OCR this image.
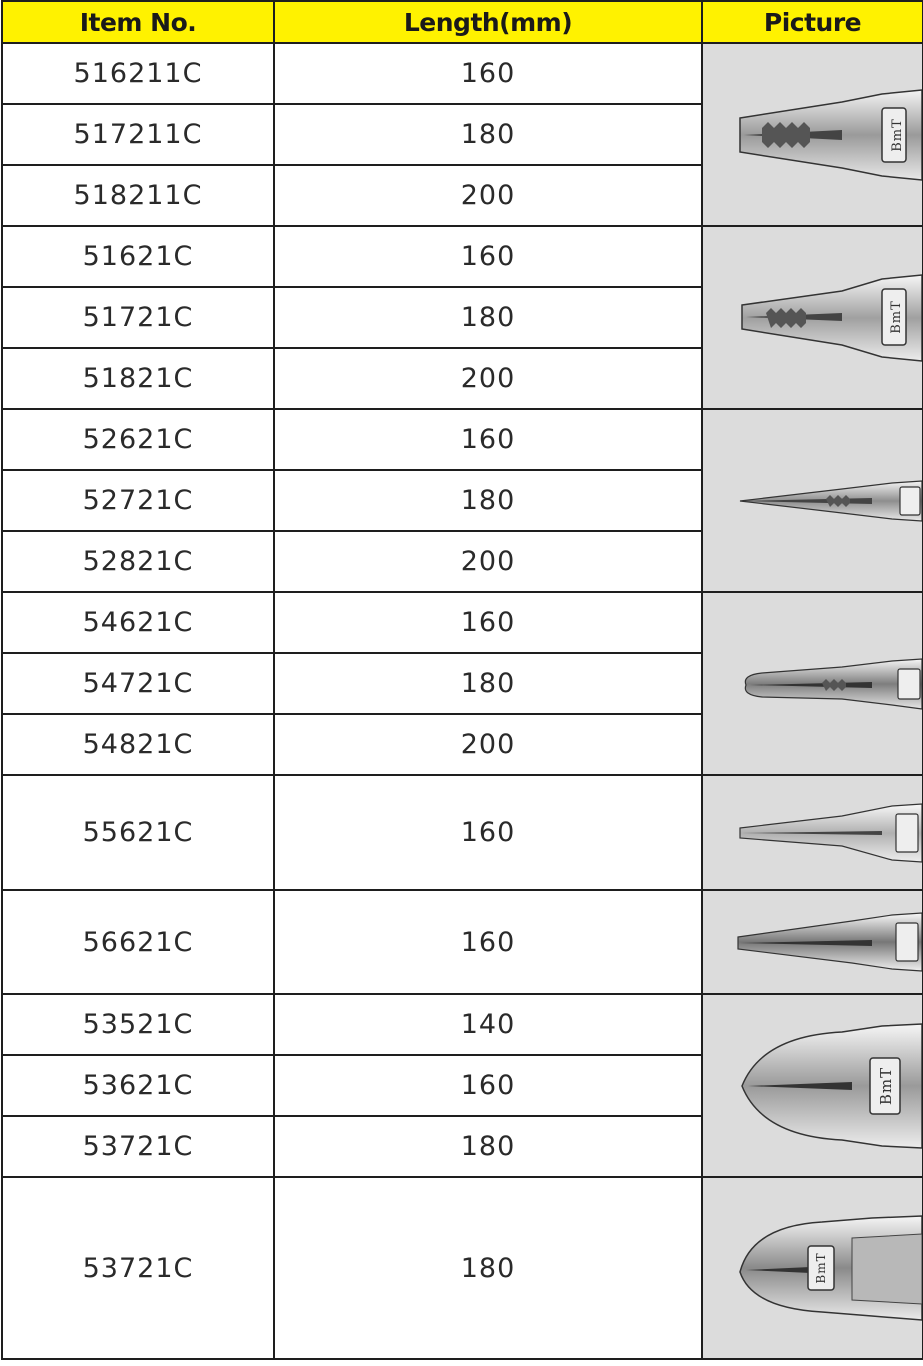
Item No.	Length(mm)	Picture
516211C	160	BmT

517211C	180	
518211C	200	
51621C	160	BmT

51721C	180	
51821C	200	
52621C	160	

52721C	180	
52821C	200	
54621C	160	

54721C	180	
54821C	200	
55621C	160	

56621C	160	

53521C	140	BmT

53621C	160	
53721C	180	
53721C	180	BmT
